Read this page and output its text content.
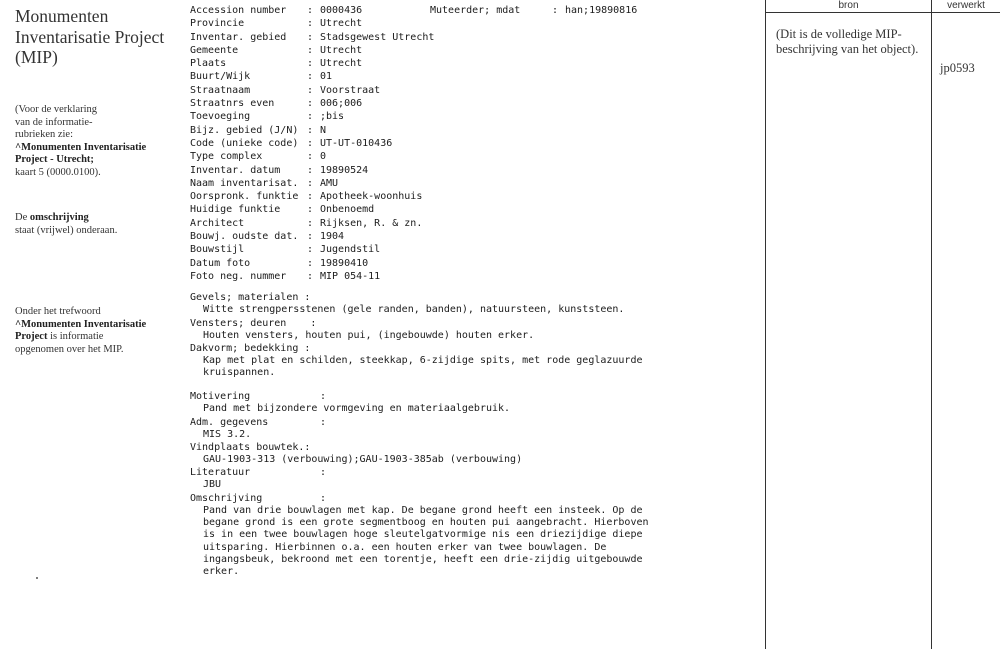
Monumenten Inventarisatie Project (MIP)
(Voor de verklaring
van de informatie-
rubrieken zie:
^Monumenten Inventarisatie
Project - Utrecht;
kaart 5 (0000.0100).
De omschrijving
staat (vrijwel) onderaan.
Onder het trefwoord
^Monumenten Inventarisatie
Project is informatie
opgenomen over het MIP.
Accession number : 0000436	Muteerder; mdat	: han;19890816
Provincie	: Utrecht
Inventar. gebied : Stadsgewest Utrecht
Gemeente	: Utrecht
Plaats	: Utrecht
Buurt/Wijk	: 01
Straatnaam	: Voorstraat
Straatnrs even	: 006;006
Toevoeging	: ;bis
Bijz. gebied (J/N) : N
Code (unieke code) : UT-UT-010436
Type complex	: 0
Inventar. datum	: 19890524
Naam inventarisat. : AMU
Oorspronk. funktie : Apotheek-woonhuis
Huidige funktie	: Onbenoemd
Architect	: Rijksen, R. & zn.
Bouwj. oudste dat. : 1904
Bouwstijl	: Jugendstil
Datum foto	: 19890410
Foto neg. nummer : MIP 054-11
Gevels; materialen :
Witte strengpersstenen (gele randen, banden), natuursteen, kunststeen.
Vensters; deuren    :
Houten vensters, houten pui, (ingebouwde) houten erker.
Dakvorm; bedekking :
Kap met plat en schilden, steekkap, 6-zijdige spits, met rode geglazuurde
kruispannen.
Motivering	:
Pand met bijzondere vormgeving en materiaalgebruik.
Adm. gegevens	:
MIS 3.2.
Vindplaats bouwtek.:
GAU-1903-313 (verbouwing);GAU-1903-385ab (verbouwing)
Literatuur	:
JBU
Omschrijving	:
Pand van drie bouwlagen met kap. De begane grond heeft een insteek. Op de
begane grond is een grote segmentboog en houten pui aangebracht. Hierboven
is in een twee bouwlagen hoge sleutelgatvormige nis een driezijdige diepe
uitsparing. Hierbinnen o.a. een houten erker van twee bouwlagen. De
ingangsbeuk, bekroond met een torentje, heeft een drie-zijdig uitgebouwde
erker.
bron	verwerkt
(Dit is de volledige MIP-beschrijving van het object).
jp0593
